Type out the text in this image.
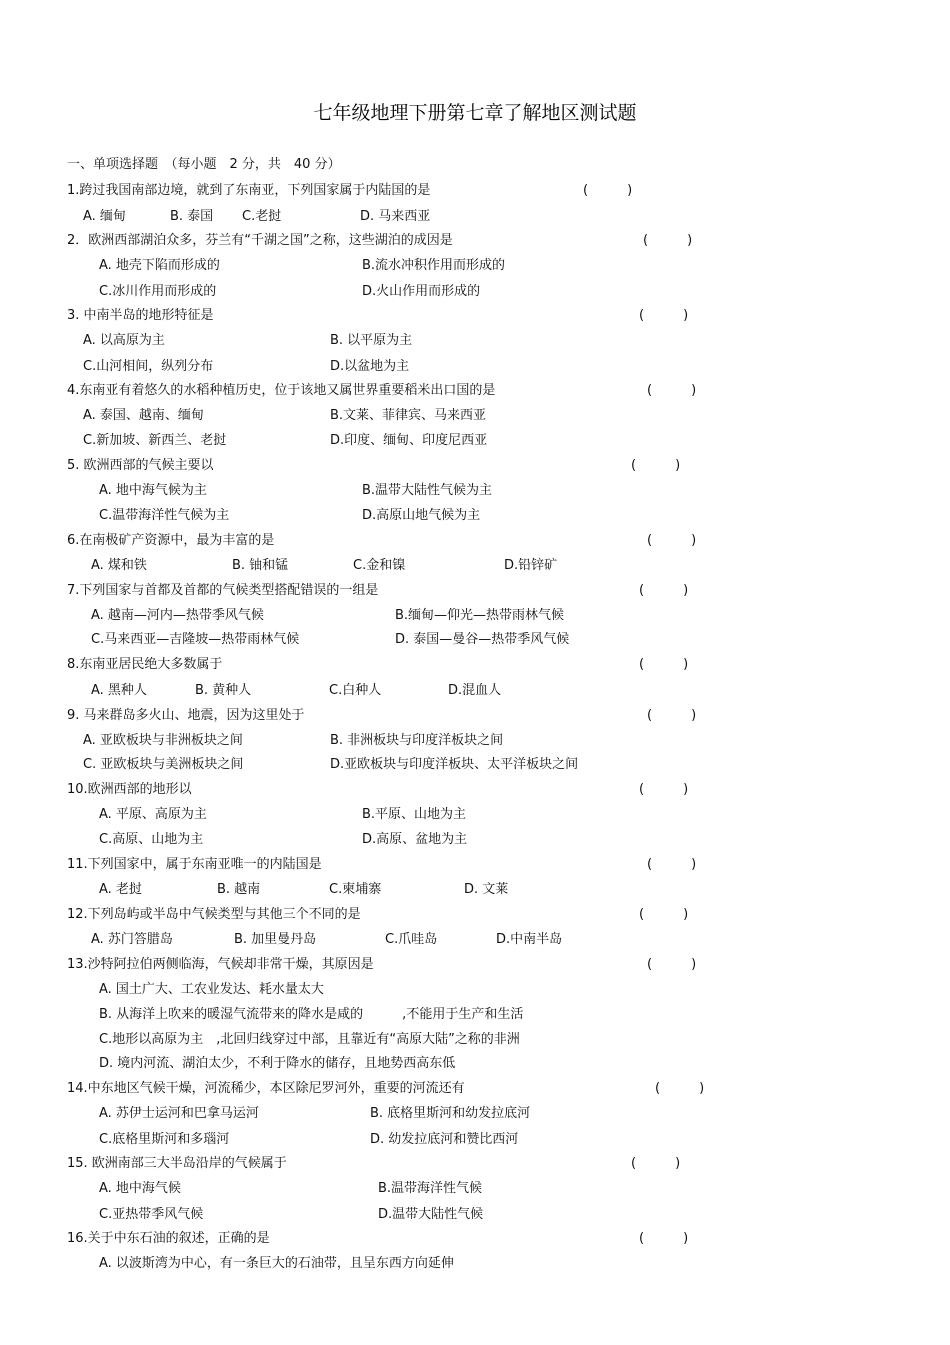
七年级地理下册第七章了解地区测试题
一、单项选择题　（每小题　2 分，共　40 分）
1.跨过我国南部边境，就到了东南亚，下列国家属于内陆国的是	(　　　)
A. 缅甸	B. 泰国 C.老挝	D. 马来西亚
2．欧洲西部湖泊众多，芬兰有“千湖之国”之称，这些湖泊的成因是	(　　　)
A. 地壳下陷而形成的	B.流水冲积作用而形成的
C.冰川作用而形成的	D.火山作用而形成的
3. 中南半岛的地形特征是	(　　　)
A. 以高原为主	B. 以平原为主
C.山河相间，纵列分布	D.以盆地为主
4.东南亚有着悠久的水稻种植历史，位于该地又属世界重要稻米出口国的是	(　　　)
A. 泰国、越南、缅甸	B.文莱、菲律宾、马来西亚
C.新加坡、新西兰、老挝	D.印度、缅甸、印度尼西亚
5. 欧洲西部的气候主要以	(　　　)
A. 地中海气候为主	B.温带大陆性气候为主
C.温带海洋性气候为主	D.高原山地气候为主
6.在南极矿产资源中，最为丰富的是	(　　　)
A. 煤和铁	B. 铀和锰	C.金和镍	D.铅锌矿
7.下列国家与首都及首都的气候类型搭配错误的一组是	(　　　)
A. 越南—河内—热带季风气候	B.缅甸—仰光—热带雨林气候
C.马来西亚—吉隆坡—热带雨林气候	D. 泰国—曼谷—热带季风气候
8.东南亚居民绝大多数属于	(　　　)
A. 黑种人	B. 黄种人	C.白种人	D.混血人
9. 马来群岛多火山、地震，因为这里处于	(　　　)
A. 亚欧板块与非洲板块之间	B. 非洲板块与印度洋板块之间
C. 亚欧板块与美洲板块之间	D.亚欧板块与印度洋板块、太平洋板块之间
10.欧洲西部的地形以	(　　　)
A. 平原、高原为主	B.平原、山地为主
C.高原、山地为主	D.高原、盆地为主
11.下列国家中，属于东南亚唯一的内陆国是	(　　　)
A. 老挝	B. 越南	C.柬埔寨	D. 文莱
12.下列岛屿或半岛中气候类型与其他三个不同的是	(　　　)
A. 苏门答腊岛	B. 加里曼丹岛	C.爪哇岛	D.中南半岛
13.沙特阿拉伯两侧临海，气候却非常干燥，其原因是	(　　　)
A. 国土广大、工农业发达、耗水量太大
B. 从海洋上吹来的暖湿气流带来的降水是咸的　　　,不能用于生产和生活
C.地形以高原为主　,北回归线穿过中部，且靠近有“高原大陆”之称的非洲
D. 境内河流、湖泊太少，不利于降水的储存，且地势西高东低
14.中东地区气候干燥，河流稀少，本区除尼罗河外，重要的河流还有	(　　　)
A. 苏伊士运河和巴拿马运河	B. 底格里斯河和幼发拉底河
C.底格里斯河和多瑙河	D. 幼发拉底河和赞比西河
15. 欧洲南部三大半岛沿岸的气候属于	(　　　)
A. 地中海气候	B.温带海洋性气候
C.亚热带季风气候	D.温带大陆性气候
16.关于中东石油的叙述，正确的是	(　　　)
A. 以波斯湾为中心，有一条巨大的石油带，且呈东西方向延伸
